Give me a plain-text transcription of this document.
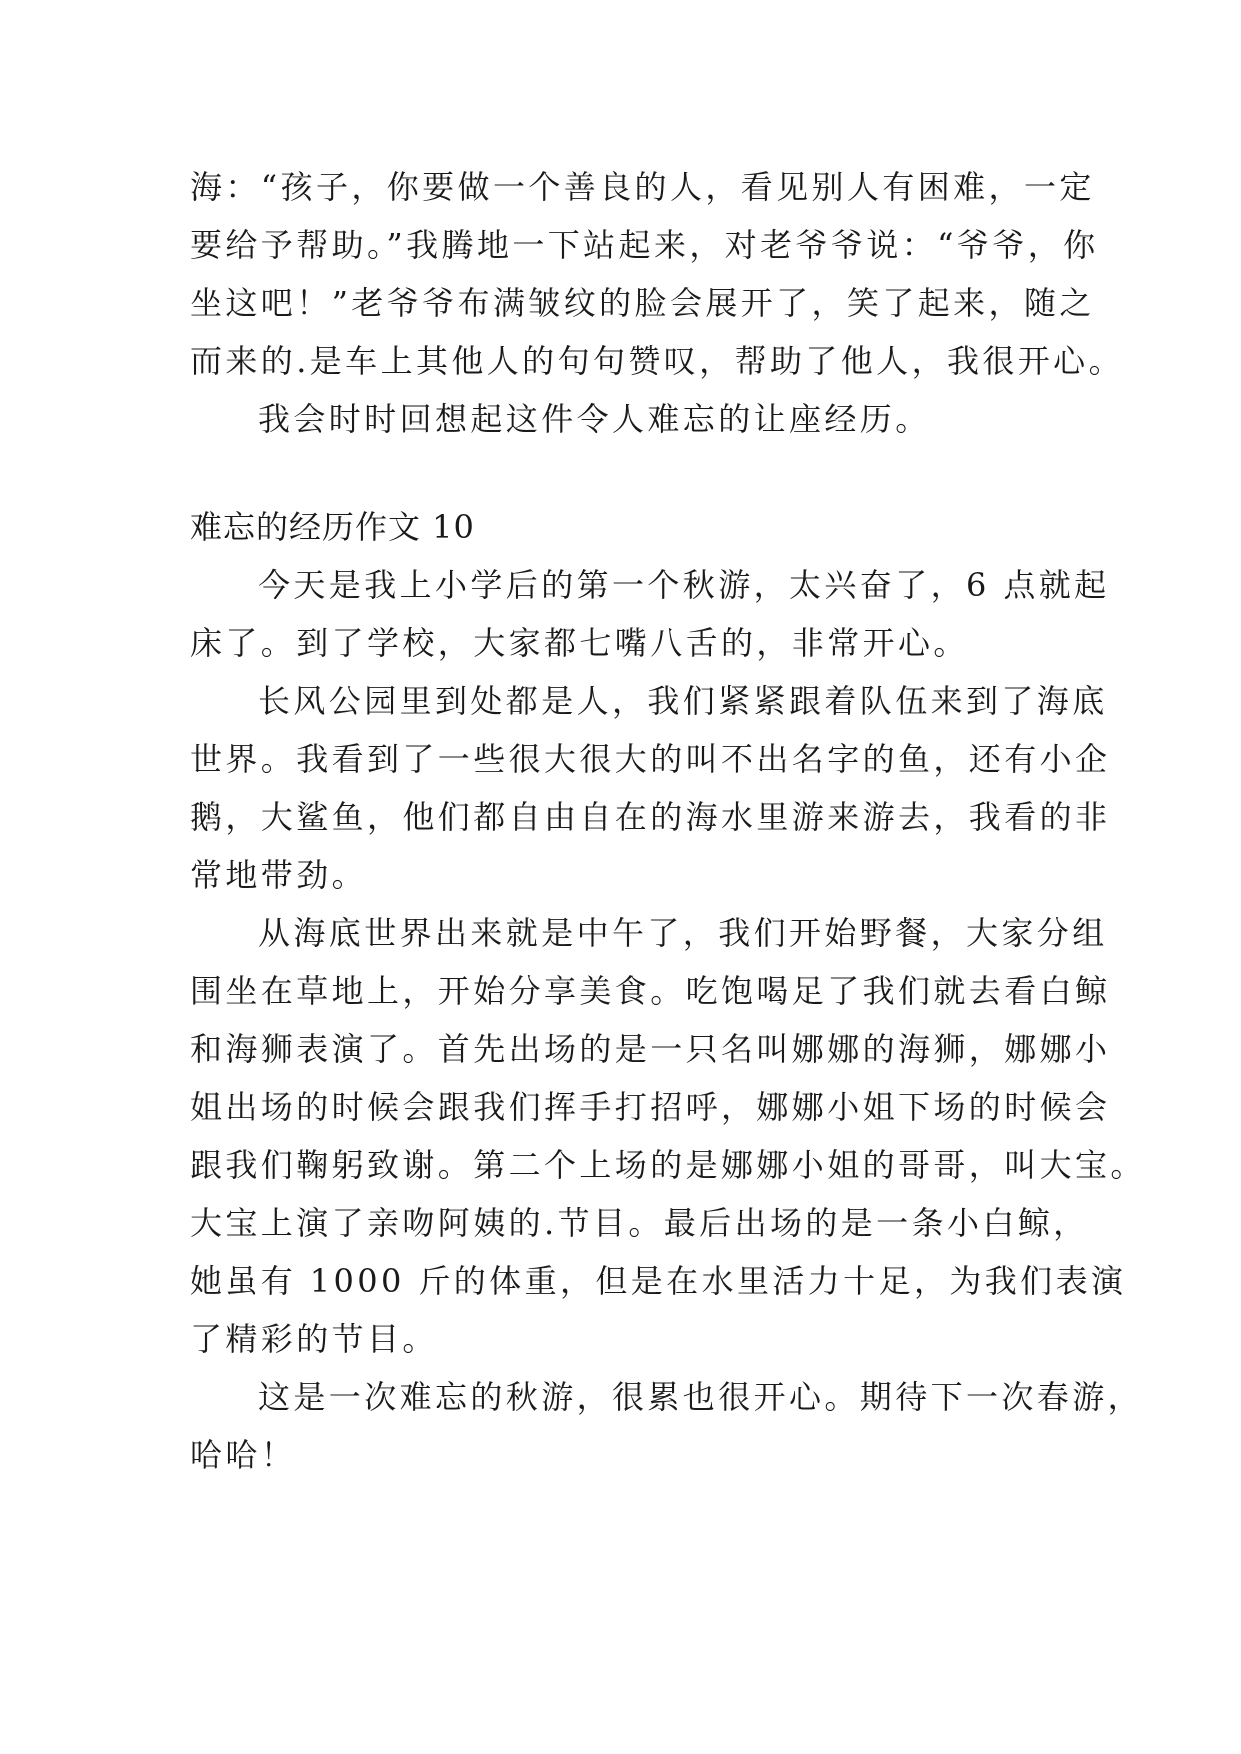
海：“孩子，你要做一个善良的人，看见别人有困难，一定
要给予帮助。”我腾地一下站起来，对老爷爷说：“爷爷，你
坐这吧！”老爷爷布满皱纹的脸会展开了，笑了起来，随之
而来的.是车上其他人的句句赞叹，帮助了他人，我很开心。
我会时时回想起这件令人难忘的让座经历。
难忘的经历作文 10
今天是我上小学后的第一个秋游，太兴奋了，6 点就起
床了。到了学校，大家都七嘴八舌的，非常开心。
长风公园里到处都是人，我们紧紧跟着队伍来到了海底
世界。我看到了一些很大很大的叫不出名字的鱼，还有小企
鹅，大鲨鱼，他们都自由自在的海水里游来游去，我看的非
常地带劲。
从海底世界出来就是中午了，我们开始野餐，大家分组
围坐在草地上，开始分享美食。吃饱喝足了我们就去看白鲸
和海狮表演了。首先出场的是一只名叫娜娜的海狮，娜娜小
姐出场的时候会跟我们挥手打招呼，娜娜小姐下场的时候会
跟我们鞠躬致谢。第二个上场的是娜娜小姐的哥哥，叫大宝。
大宝上演了亲吻阿姨的.节目。最后出场的是一条小白鲸，
她虽有 1000 斤的体重，但是在水里活力十足，为我们表演
了精彩的节目。
这是一次难忘的秋游，很累也很开心。期待下一次春游，
哈哈！
